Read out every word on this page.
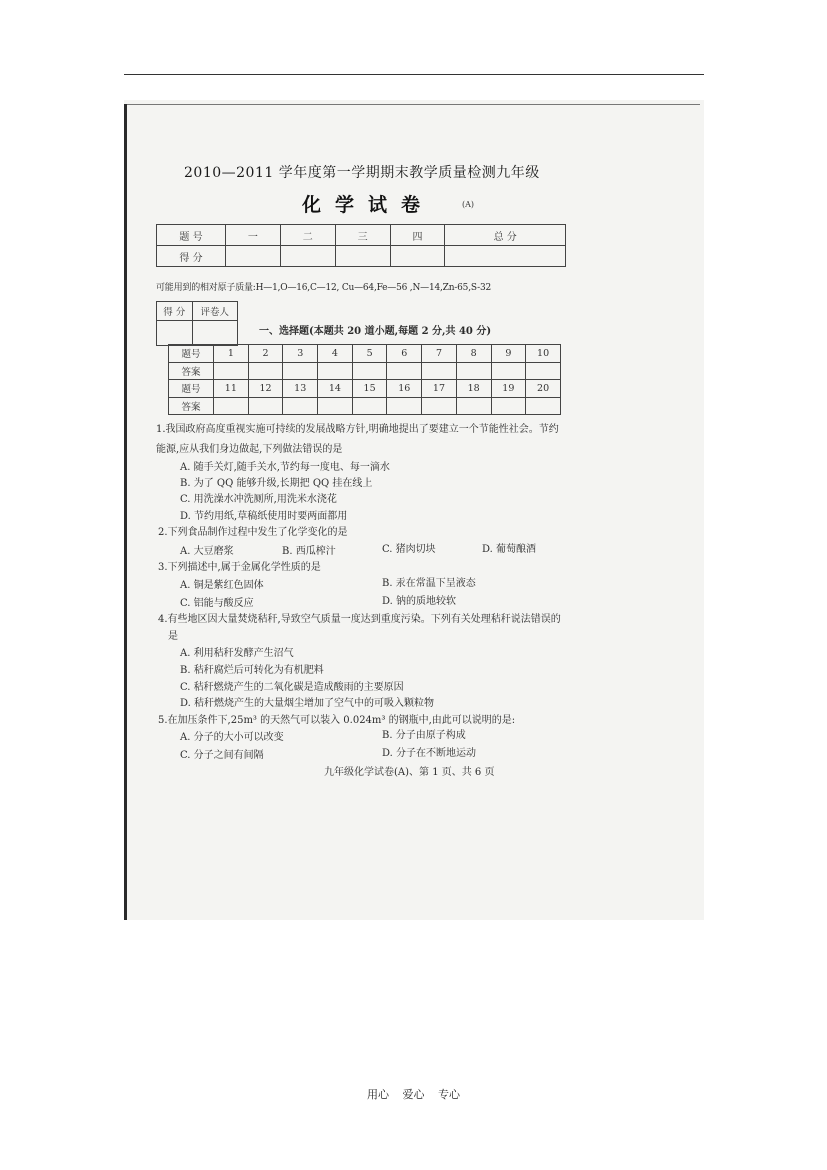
2010—2011 学年度第一学期期末教学质量检测九年级
化学试卷	(A)
题 号	一	二	三	四	总 分
得 分					
可能用到的相对原子质量:H—1,O—16,C—12, Cu—64,Fe—56 ,N—14,Zn-65,S-32
得 分	评卷人

一、选择题(本题共 20 道小题,每题 2 分,共 40 分)
题号	1	2	3	4	5	6	7	8	9	10
答案										
题号	11	12	13	14	15	16	17	18	19	20
答案										
1.我国政府高度重视实施可持续的发展战略方针,明确地提出了要建立一个节能性社会。节约
能源,应从我们身边做起,下列做法错误的是
A. 随手关灯,随手关水,节约每一度电、每一滴水
B. 为了 QQ 能够升级,长期把 QQ 挂在线上
C. 用洗澡水冲洗厕所,用洗米水浇花
D. 节约用纸,草稿纸使用时要两面都用
2.下列食品制作过程中发生了化学变化的是
A. 大豆磨浆	B. 西瓜榨汁	C. 猪肉切块	D. 葡萄酿酒
3.下列描述中,属于金属化学性质的是
A. 铜是紫红色固体	B. 汞在常温下呈液态
C. 铝能与酸反应	D. 钠的质地较软
4.有些地区因大量焚烧秸秆,导致空气质量一度达到重度污染。下列有关处理秸秆说法错误的
是
A. 利用秸秆发酵产生沼气
B. 秸秆腐烂后可转化为有机肥料
C. 秸秆燃烧产生的二氧化碳是造成酸雨的主要原因
D. 秸秆燃烧产生的大量烟尘增加了空气中的可吸入颗粒物
5.在加压条件下,25m³ 的天然气可以装入 0.024m³ 的钢瓶中,由此可以说明的是:
A. 分子的大小可以改变	B. 分子由原子构成
C. 分子之间有间隔	D. 分子在不断地运动
九年级化学试卷(A)、第 1 页、共 6 页
用心 爱心 专心
